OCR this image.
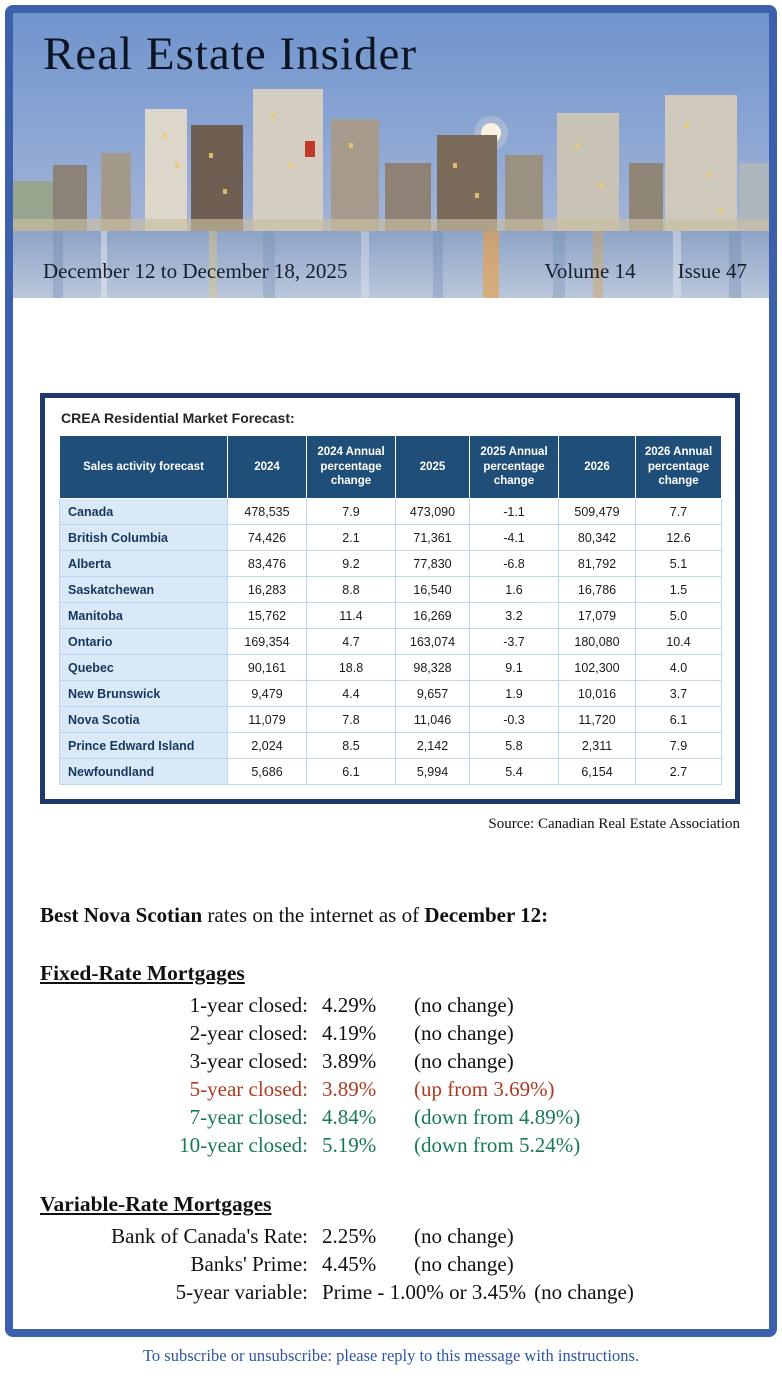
Real Estate Insider
December 12 to December 18, 2025	Volume 14 Issue 47
CREA Residential Market Forecast:
Sales activity forecast	2024	2024 Annual percentage change	2025	2025 Annual percentage change	2026	2026 Annual percentage change
Canada	478,535	7.9	473,090	-1.1	509,479	7.7
British Columbia	74,426	2.1	71,361	-4.1	80,342	12.6
Alberta	83,476	9.2	77,830	-6.8	81,792	5.1
Saskatchewan	16,283	8.8	16,540	1.6	16,786	1.5
Manitoba	15,762	11.4	16,269	3.2	17,079	5.0
Ontario	169,354	4.7	163,074	-3.7	180,080	10.4
Quebec	90,161	18.8	98,328	9.1	102,300	4.0
New Brunswick	9,479	4.4	9,657	1.9	10,016	3.7
Nova Scotia	11,079	7.8	11,046	-0.3	11,720	6.1
Prince Edward Island	2,024	8.5	2,142	5.8	2,311	7.9
Newfoundland	5,686	6.1	5,994	5.4	6,154	2.7
Source: Canadian Real Estate Association
Best Nova Scotian rates on the internet as of December 12:
Fixed-Rate Mortgages
1-year closed: 4.29%	(no change)
2-year closed: 4.19%	(no change)
3-year closed: 3.89%	(no change)
5-year closed: 3.89%	(up from 3.69%)
7-year closed: 4.84%	(down from 4.89%)
10-year closed: 5.19%	(down from 5.24%)
Variable-Rate Mortgages
Bank of Canada's Rate: 2.25%	(no change)
Banks' Prime: 4.45%	(no change)
5-year variable: Prime - 1.00% or 3.45% (no change)
To subscribe or unsubscribe: please reply to this message with instructions.
